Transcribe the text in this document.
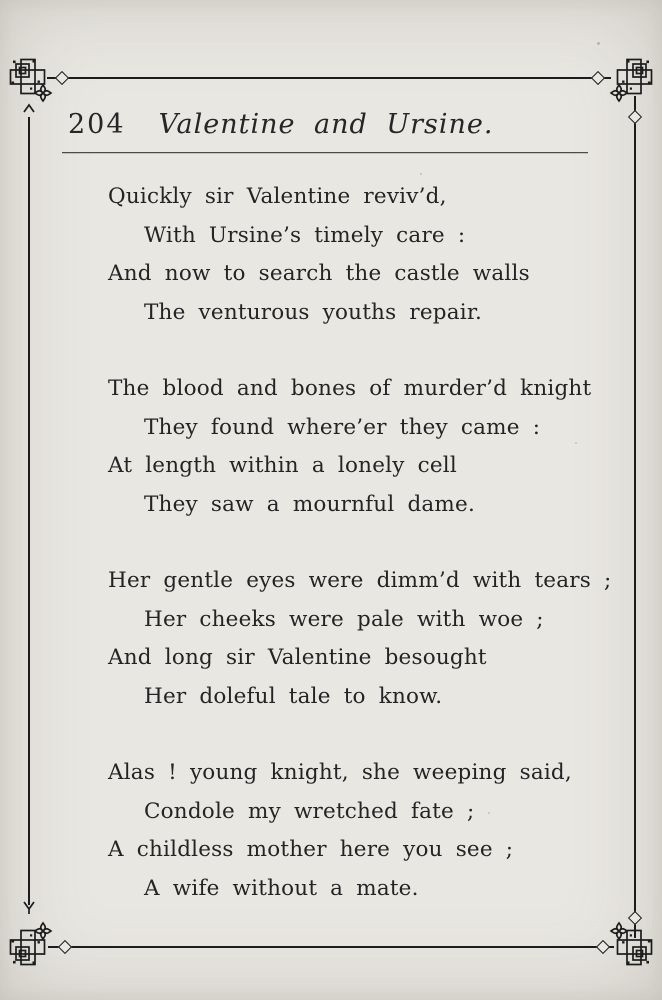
204	Valentine and Ursine.
Quickly sir Valentine reviv’d,
With Ursine’s timely care :
And now to search the castle walls
The venturous youths repair.
The blood and bones of murder’d knight
They found where’er they came :
At length within a lonely cell
They saw a mournful dame.
Her gentle eyes were dimm’d with tears ;
Her cheeks were pale with woe ;
And long sir Valentine besought
Her doleful tale to know.
Alas ! young knight, she weeping said,
Condole my wretched fate ;
A childless mother here you see ;
A wife without a mate.
